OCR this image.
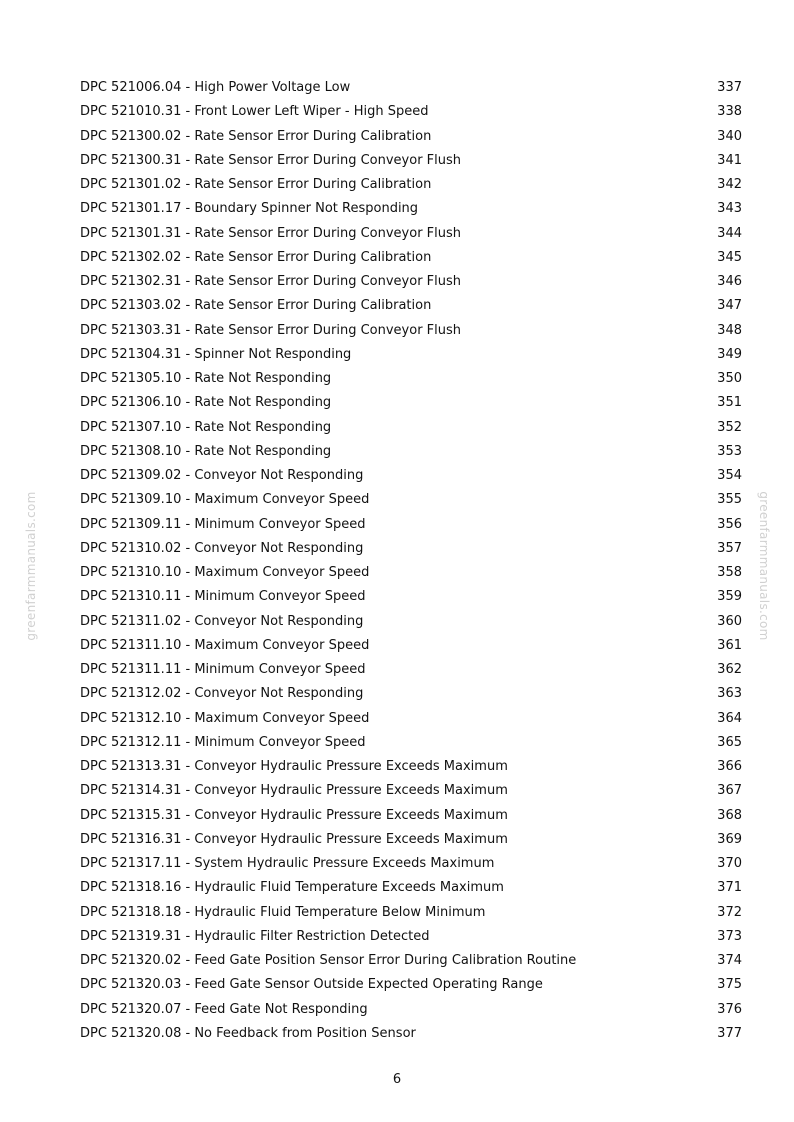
greenfarmmanuals.com	greenfarmmanuals.com
DPC 521006.04 - High Power Voltage Low	337
DPC 521010.31 - Front Lower Left Wiper - High Speed	338
DPC 521300.02 - Rate Sensor Error During Calibration	340
DPC 521300.31 - Rate Sensor Error During Conveyor Flush	341
DPC 521301.02 - Rate Sensor Error During Calibration	342
DPC 521301.17 - Boundary Spinner Not Responding	343
DPC 521301.31 - Rate Sensor Error During Conveyor Flush	344
DPC 521302.02 - Rate Sensor Error During Calibration	345
DPC 521302.31 - Rate Sensor Error During Conveyor Flush	346
DPC 521303.02 - Rate Sensor Error During Calibration	347
DPC 521303.31 - Rate Sensor Error During Conveyor Flush	348
DPC 521304.31 - Spinner Not Responding	349
DPC 521305.10 - Rate Not Responding	350
DPC 521306.10 - Rate Not Responding	351
DPC 521307.10 - Rate Not Responding	352
DPC 521308.10 - Rate Not Responding	353
DPC 521309.02 - Conveyor Not Responding	354
DPC 521309.10 - Maximum Conveyor Speed	355
DPC 521309.11 - Minimum Conveyor Speed	356
DPC 521310.02 - Conveyor Not Responding	357
DPC 521310.10 - Maximum Conveyor Speed	358
DPC 521310.11 - Minimum Conveyor Speed	359
DPC 521311.02 - Conveyor Not Responding	360
DPC 521311.10 - Maximum Conveyor Speed	361
DPC 521311.11 - Minimum Conveyor Speed	362
DPC 521312.02 - Conveyor Not Responding	363
DPC 521312.10 - Maximum Conveyor Speed	364
DPC 521312.11 - Minimum Conveyor Speed	365
DPC 521313.31 - Conveyor Hydraulic Pressure Exceeds Maximum	366
DPC 521314.31 - Conveyor Hydraulic Pressure Exceeds Maximum	367
DPC 521315.31 - Conveyor Hydraulic Pressure Exceeds Maximum	368
DPC 521316.31 - Conveyor Hydraulic Pressure Exceeds Maximum	369
DPC 521317.11 - System Hydraulic Pressure Exceeds Maximum	370
DPC 521318.16 - Hydraulic Fluid Temperature Exceeds Maximum	371
DPC 521318.18 - Hydraulic Fluid Temperature Below Minimum	372
DPC 521319.31 - Hydraulic Filter Restriction Detected	373
DPC 521320.02 - Feed Gate Position Sensor Error During Calibration Routine	374
DPC 521320.03 - Feed Gate Sensor Outside Expected Operating Range	375
DPC 521320.07 - Feed Gate Not Responding	376
DPC 521320.08 - No Feedback from Position Sensor	377
6
